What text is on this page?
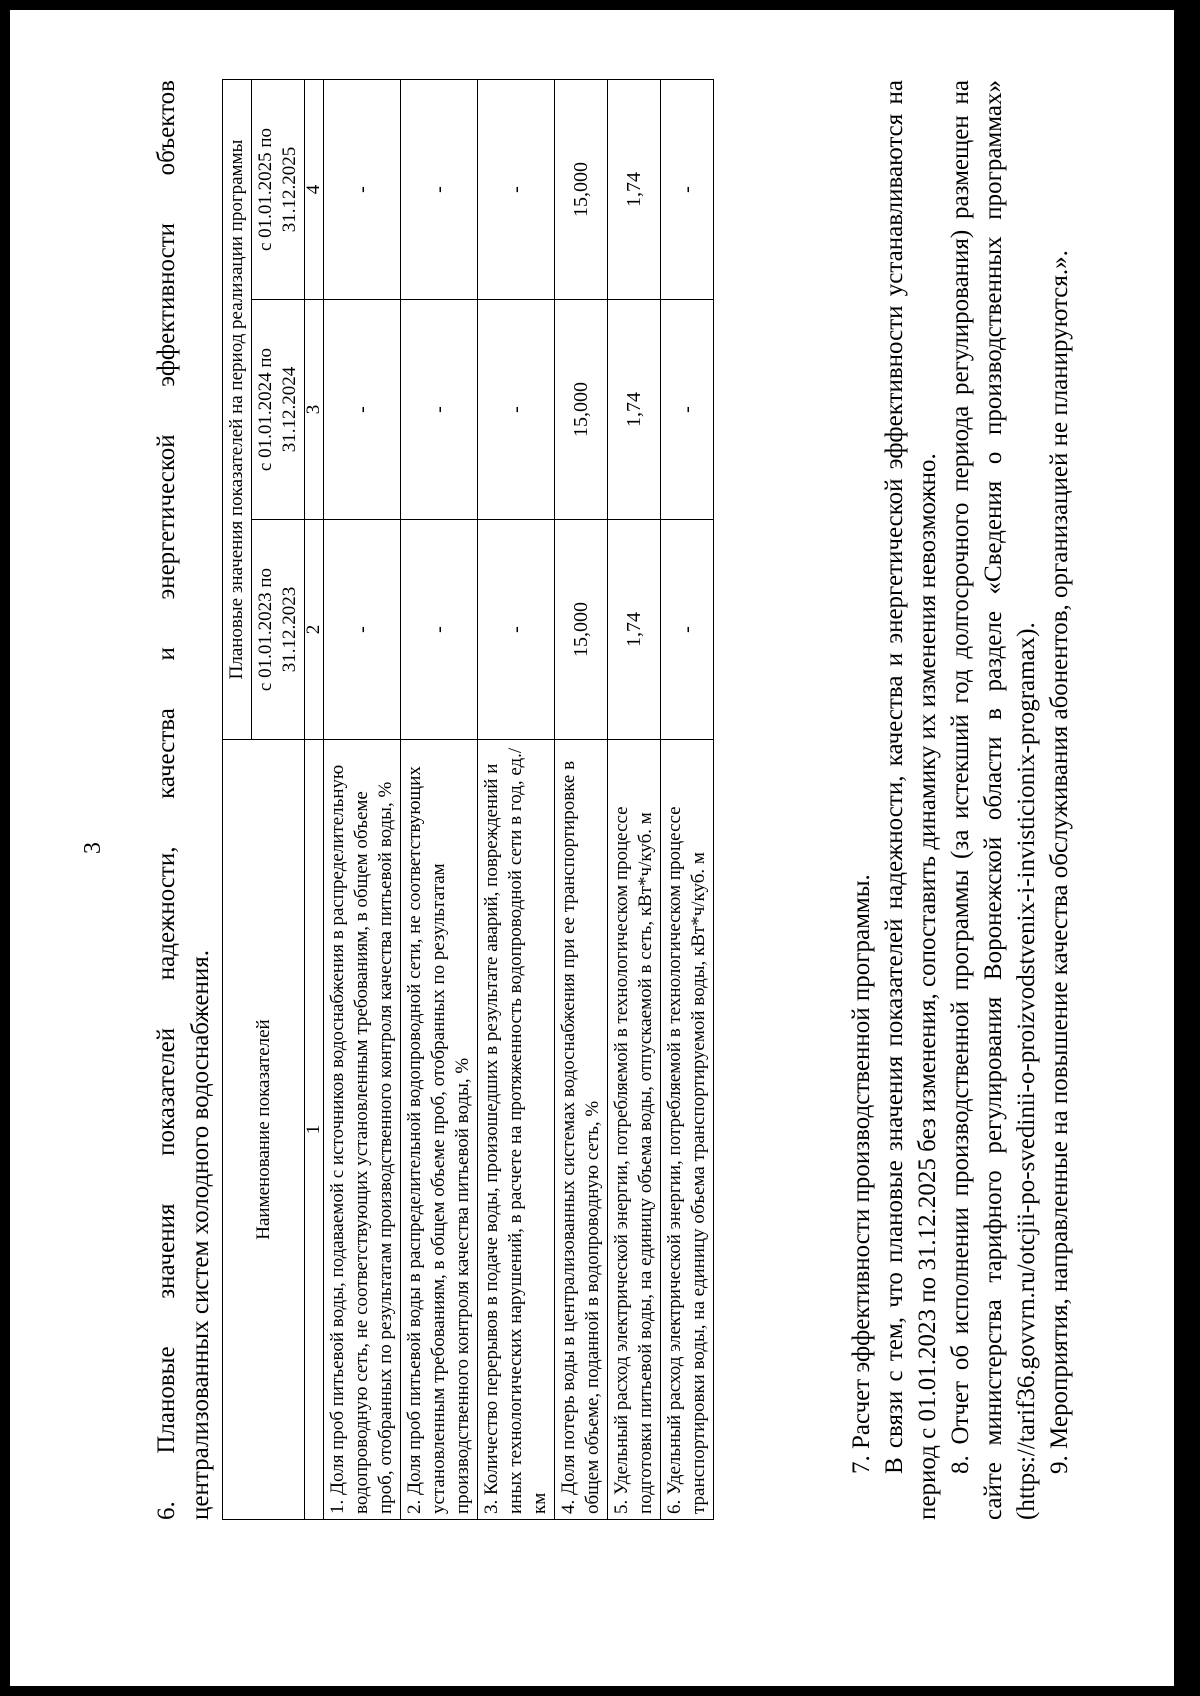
3 6. Плановые значения показателей надежности, качества и энергетической эффективности объектов централизованных систем холодного водоснабжения. Наименование показателей	Плановые значения показателей на период реализации программы		
	с 01.01.2023 по 31.12.2023	с 01.01.2024 по 31.12.2024	с 01.01.2025 по 31.12.2025
1	2	3	4
1. Доля проб питьевой воды, подаваемой с источников водоснабжения в распределительную водопроводную сеть, не соответствующих установленным требованиям, в общем объеме проб, отобранных по результатам производственного контроля качества питьевой воды, %	-	-	-
2. Доля проб питьевой воды в распределительной водопроводной сети, не соответствующих установленным требованиям, в общем объеме проб, отобранных по результатам производственного контроля качества питьевой воды, %	-	-	-
3. Количество перерывов в подаче воды, произошедших в результате аварий, повреждений и иных технологических нарушений, в расчете на протяженность водопроводной сети в год, ед./км	-	-	-
4. Доля потерь воды в централизованных системах водоснабжения при ее транспортировке в общем объеме, поданной в водопроводную сеть, %	15,000	15,000	15,000
5. Удельный расход электрической энергии, потребляемой в технологическом процессе подготовки питьевой воды, на единицу объема воды, отпускаемой в сеть, кВт*ч/куб. м	1,74	1,74	1,74
6. Удельный расход электрической энергии, потребляемой в технологическом процессе транспортировки воды, на единицу объема транспортируемой воды, кВт*ч/куб. м	-	-	-
7. Расчет эффективности производственной программы. В связи с тем, что плановые значения показателей надежности, качества и энергетической эффективности устанавливаются на период с 01.01.2023 по 31.12.2025 без изменения, сопоставить динамику их изменения невозможно. 8. Отчет об исполнении производственной программы (за истекший год долгосрочного периода регулирования) размещен на сайте министерства тарифного регулирования Воронежской области в разделе «Сведения о производственных программах» (https://tarif36.govvrn.ru/otcjii-po-svedinii-o-proizvodstvenix-i-invisticionix-programax). 9. Мероприятия, направленные на повышение качества обслуживания абонентов, организацией не планируются.».
